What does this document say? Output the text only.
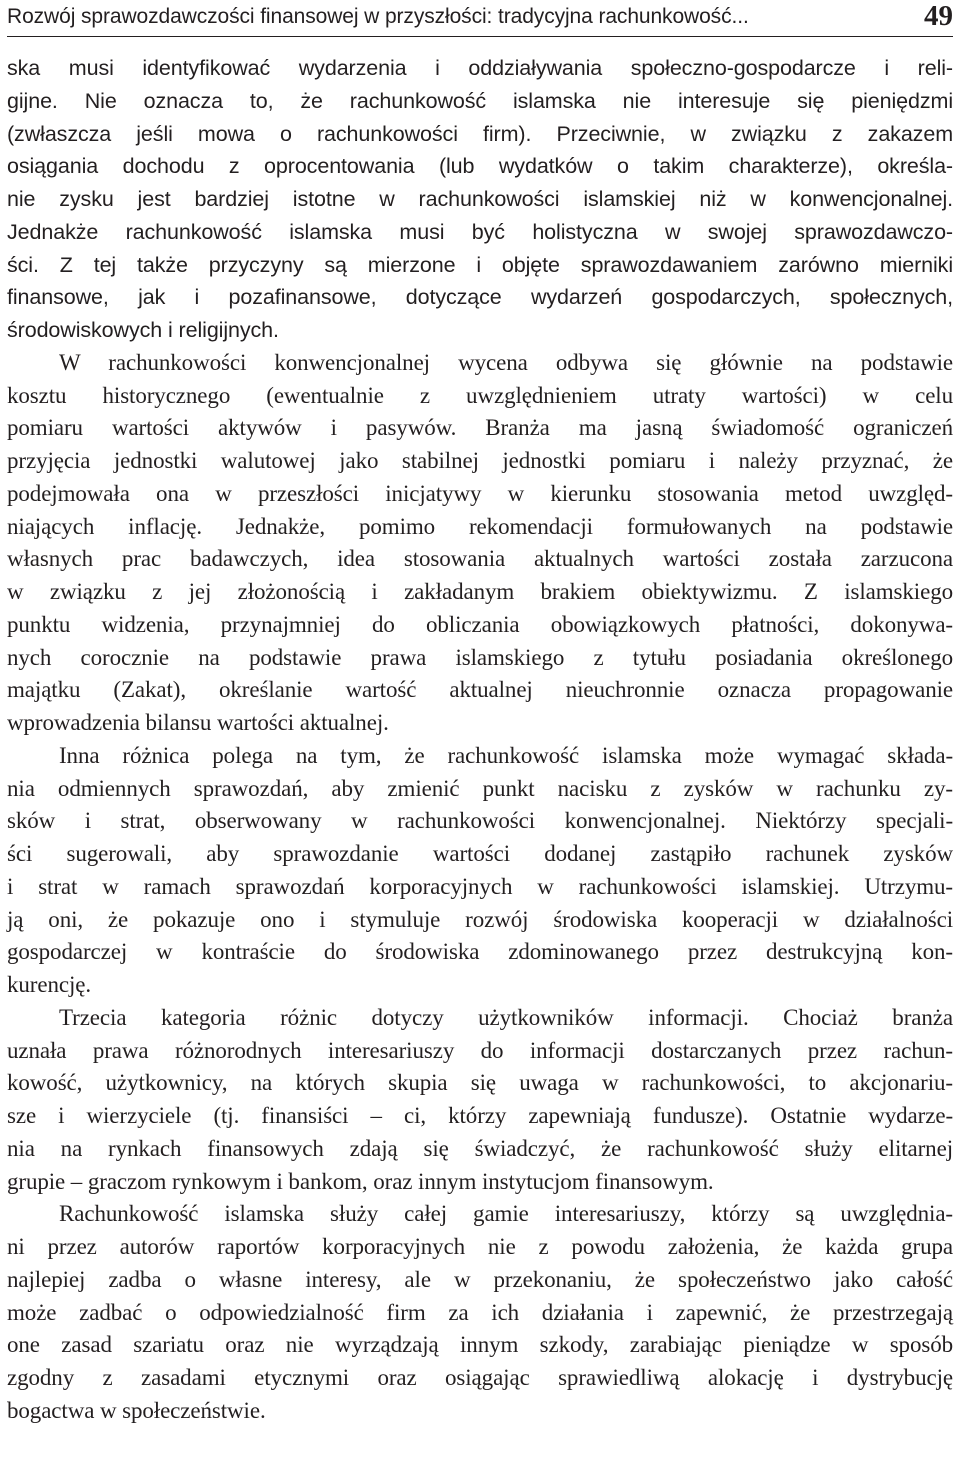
Rozwój sprawozdawczości finansowej w przyszłości: tradycyjna rachunkowość...	49
ska musi identyfikować wydarzenia i oddziaływania społeczno-gospodarcze i reli-
gijne. Nie oznacza to, że rachunkowość islamska nie interesuje się pieniędzmi
(zwłaszcza jeśli mowa o rachunkowości firm). Przeciwnie, w związku z zakazem
osiągania dochodu z oprocentowania (lub wydatków o takim charakterze), określa-
nie zysku jest bardziej istotne w rachunkowości islamskiej niż w konwencjonalnej.
Jednakże rachunkowość islamska musi być holistyczna w swojej sprawozdawczo-
ści. Z tej także przyczyny są mierzone i objęte sprawozdawaniem zarówno mierniki
finansowe, jak i pozafinansowe, dotyczące wydarzeń gospodarczych, społecznych,
środowiskowych i religijnych.
W rachunkowości konwencjonalnej wycena odbywa się głównie na podstawie
kosztu historycznego (ewentualnie z uwzględnieniem utraty wartości) w celu
pomiaru wartości aktywów i pasywów. Branża ma jasną świadomość ograniczeń
przyjęcia jednostki walutowej jako stabilnej jednostki pomiaru i należy przyznać, że
podejmowała ona w przeszłości inicjatywy w kierunku stosowania metod uwzględ-
niających inflację. Jednakże, pomimo rekomendacji formułowanych na podstawie
własnych prac badawczych, idea stosowania aktualnych wartości została zarzucona
w związku z jej złożonością i zakładanym brakiem obiektywizmu. Z islamskiego
punktu widzenia, przynajmniej do obliczania obowiązkowych płatności, dokonywa-
nych corocznie na podstawie prawa islamskiego z tytułu posiadania określonego
majątku (Zakat), określanie wartość aktualnej nieuchronnie oznacza propagowanie
wprowadzenia bilansu wartości aktualnej.
Inna różnica polega na tym, że rachunkowość islamska może wymagać składa-
nia odmiennych sprawozdań, aby zmienić punkt nacisku z zysków w rachunku zy-
sków i strat, obserwowany w rachunkowości konwencjonalnej. Niektórzy specjali-
ści sugerowali, aby sprawozdanie wartości dodanej zastąpiło rachunek zysków
i strat w ramach sprawozdań korporacyjnych w rachunkowości islamskiej. Utrzymu-
ją oni, że pokazuje ono i stymuluje rozwój środowiska kooperacji w działalności
gospodarczej w kontraście do środowiska zdominowanego przez destrukcyjną kon-
kurencję.
Trzecia kategoria różnic dotyczy użytkowników informacji. Chociaż branża
uznała prawa różnorodnych interesariuszy do informacji dostarczanych przez rachun-
kowość, użytkownicy, na których skupia się uwaga w rachunkowości, to akcjonariu-
sze i wierzyciele (tj. finansiści – ci, którzy zapewniają fundusze). Ostatnie wydarze-
nia na rynkach finansowych zdają się świadczyć, że rachunkowość służy elitarnej
grupie – graczom rynkowym i bankom, oraz innym instytucjom finansowym.
Rachunkowość islamska służy całej gamie interesariuszy, którzy są uwzględnia-
ni przez autorów raportów korporacyjnych nie z powodu założenia, że każda grupa
najlepiej zadba o własne interesy, ale w przekonaniu, że społeczeństwo jako całość
może zadbać o odpowiedzialność firm za ich działania i zapewnić, że przestrzegają
one zasad szariatu oraz nie wyrządzają innym szkody, zarabiając pieniądze w sposób
zgodny z zasadami etycznymi oraz osiągając sprawiedliwą alokację i dystrybucję
bogactwa w społeczeństwie.
